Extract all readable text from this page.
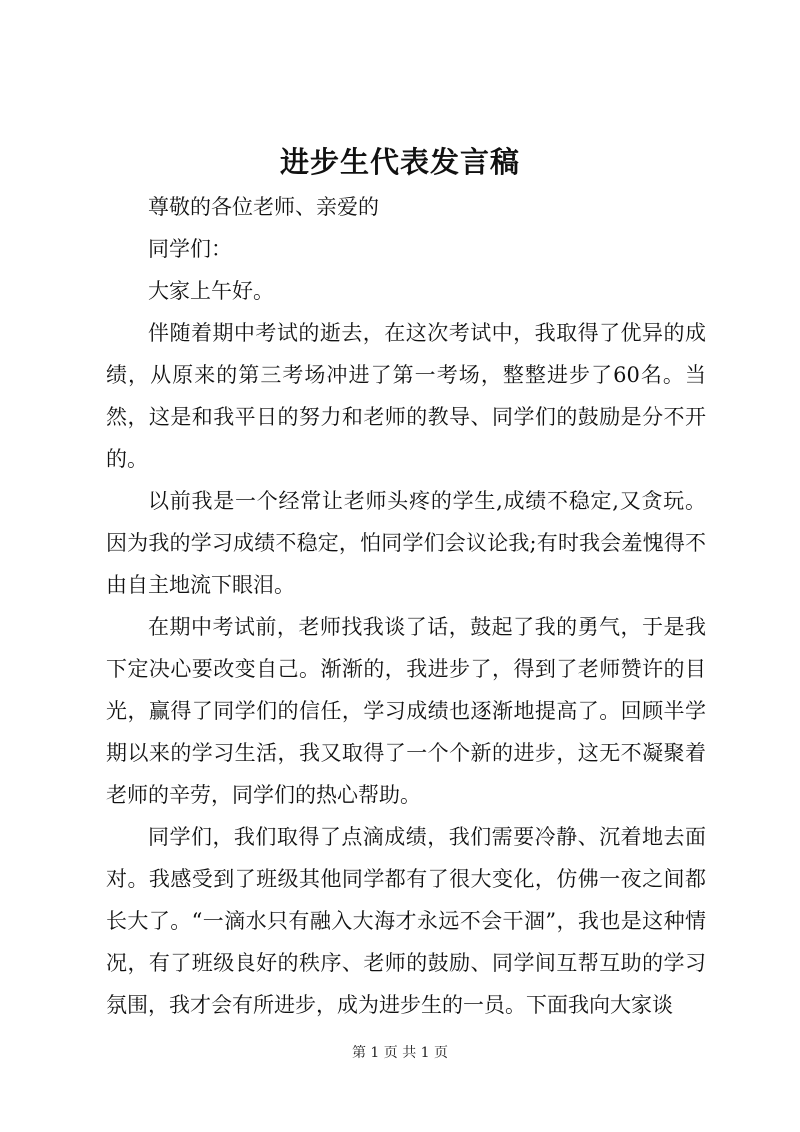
进步生代表发言稿

尊敬的各位老师、亲爱的

同学们：

大家上午好。

伴随着期中考试的逝去，在这次考试中，我取得了优异的成绩，从原来的第三考场冲进了第一考场，整整进步了60名。当然，这是和我平日的努力和老师的教导、同学们的鼓励是分不开的。

以前我是一个经常让老师头疼的学生,成绩不稳定,又贪玩。因为我的学习成绩不稳定，怕同学们会议论我;有时我会羞愧得不由自主地流下眼泪。

在期中考试前，老师找我谈了话，鼓起了我的勇气，于是我下定决心要改变自己。渐渐的，我进步了，得到了老师赞许的目光，赢得了同学们的信任，学习成绩也逐渐地提高了。回顾半学期以来的学习生活，我又取得了一个个新的进步，这无不凝聚着老师的辛劳，同学们的热心帮助。

同学们，我们取得了点滴成绩，我们需要冷静、沉着地去面对。我感受到了班级其他同学都有了很大变化，仿佛一夜之间都长大了。“一滴水只有融入大海才永远不会干涸”，我也是这种情况，有了班级良好的秩序、老师的鼓励、同学间互帮互助的学习氛围，我才会有所进步，成为进步生的一员。下面我向大家谈

第 1 页 共 1 页
